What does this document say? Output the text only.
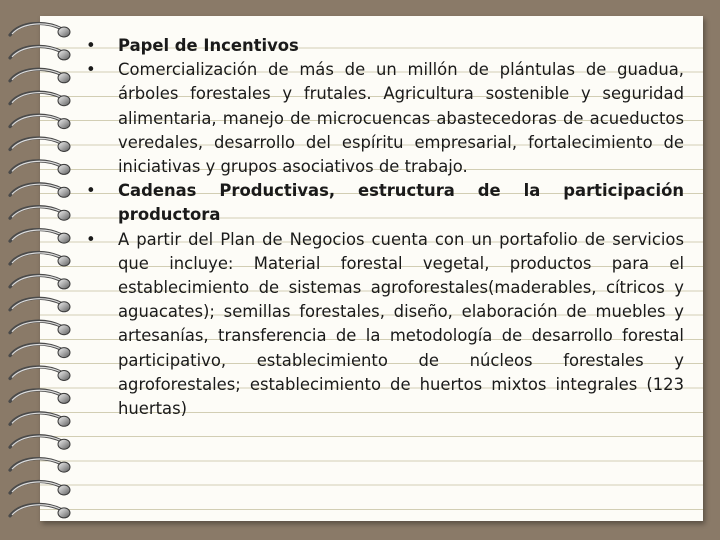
• Papel de Incentivos
• Comercialización de más de un millón de plántulas de guadua, árboles forestales y frutales. Agricultura sostenible y seguridad alimentaria, manejo de microcuencas abastecedoras de acueductos veredales, desarrollo del espíritu empresarial, fortalecimiento de iniciativas y grupos asociativos de trabajo.
• Cadenas Productivas, estructura de la participación productora
• A partir del Plan de Negocios cuenta con un portafolio de servicios que incluye: Material forestal vegetal, productos para el establecimiento de sistemas agroforestales(maderables, cítricos y aguacates); semillas forestales, diseño, elaboración de muebles y artesanías, transferencia de la metodología de desarrollo forestal participativo, establecimiento de núcleos forestales y agroforestales; establecimiento de huertos mixtos integrales (123 huertas)
